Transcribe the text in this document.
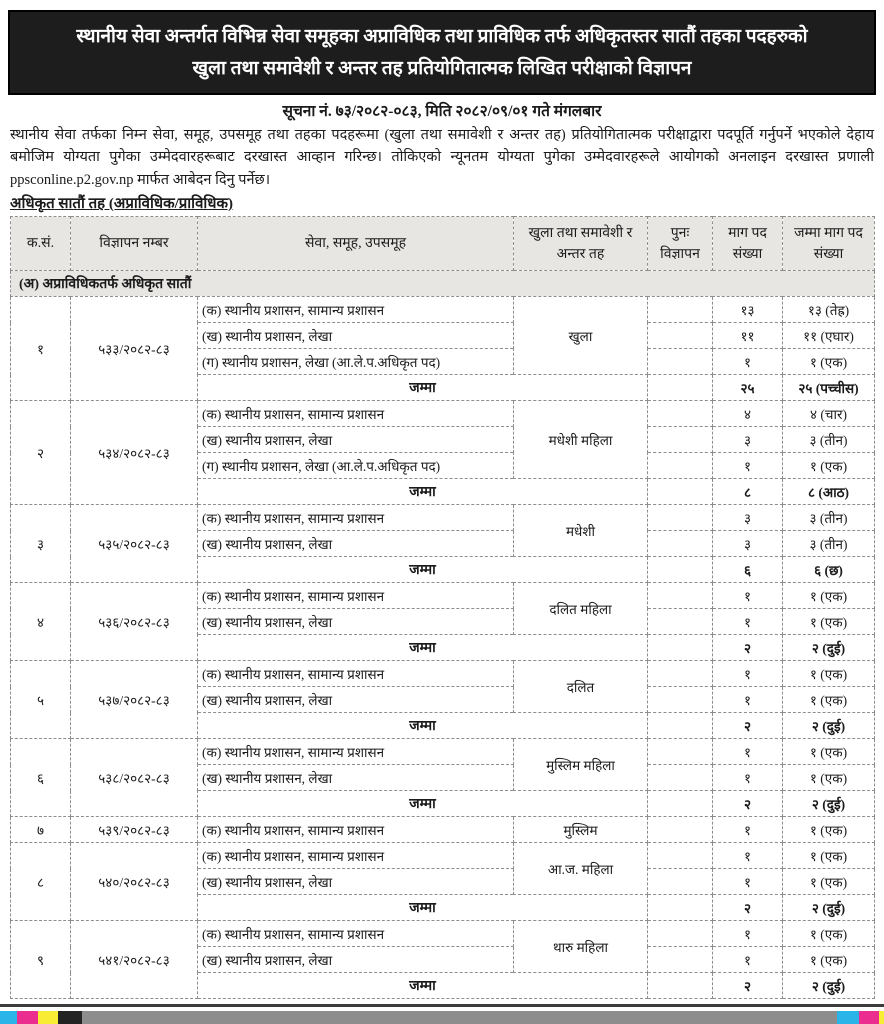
स्थानीय सेवा अन्तर्गत विभिन्न सेवा समूहका अप्राविधिक तथा प्राविधिक तर्फ अधिकृतस्तर सातौं तहका पदहरुको
खुला तथा समावेशी र अन्तर तह प्रतियोगितात्मक लिखित परीक्षाको विज्ञापन
सूचना नं. ७३/२०८२-०८३, मिति २०८२/०९/०१ गते मंगलबार

स्थानीय सेवा तर्फका निम्न सेवा, समूह, उपसमूह तथा तहका पदहरूमा (खुला तथा समावेशी र अन्तर तह) प्रतियोगितात्मक परीक्षाद्वारा पदपूर्ति गर्नुपर्ने भएकोले देहाय बमोजिम योग्यता पुगेका उम्मेदवारहरूबाट दरखास्त आव्हान गरिन्छ। तोकिएको न्यूनतम योग्यता पुगेका उम्मेदवारहरूले आयोगको अनलाइन दरखास्त प्रणाली ppsconline.p2.gov.np मार्फत आबेदन दिनु पर्नेछ।

अधिकृत सातौं तह (अप्राविधिक/प्राविधिक)
क.सं.	विज्ञापन नम्बर	सेवा, समूह, उपसमूह	खुला तथा समावेशी र अन्तर तह	पुनः विज्ञापन	माग पद संख्या	जम्मा माग पद संख्या
(अ) अप्राविधिकतर्फ अधिकृत सातौं						
१	५३३/२०८२-८३	(क) स्थानीय प्रशासन, सामान्य प्रशासन	खुला		१३	१३ (तेह्र)
		(ख) स्थानीय प्रशासन, लेखा			११	११ (एघार)
		(ग) स्थानीय प्रशासन, लेखा (आ.ले.प.अधिकृत पद)			१	१ (एक)
		जम्मा			२५	२५ (पच्चीस)
२	५३४/२०८२-८३	(क) स्थानीय प्रशासन, सामान्य प्रशासन	मधेशी महिला		४	४ (चार)
		(ख) स्थानीय प्रशासन, लेखा			३	३ (तीन)
		(ग) स्थानीय प्रशासन, लेखा (आ.ले.प.अधिकृत पद)			१	१ (एक)
		जम्मा			८	८ (आठ)
३	५३५/२०८२-८३	(क) स्थानीय प्रशासन, सामान्य प्रशासन	मधेशी		३	३ (तीन)
		(ख) स्थानीय प्रशासन, लेखा			३	३ (तीन)
		जम्मा			६	६ (छ)
४	५३६/२०८२-८३	(क) स्थानीय प्रशासन, सामान्य प्रशासन	दलित महिला		१	१ (एक)
		(ख) स्थानीय प्रशासन, लेखा			१	१ (एक)
		जम्मा			२	२ (दुई)
५	५३७/२०८२-८३	(क) स्थानीय प्रशासन, सामान्य प्रशासन	दलित		१	१ (एक)
		(ख) स्थानीय प्रशासन, लेखा			१	१ (एक)
		जम्मा			२	२ (दुई)
६	५३८/२०८२-८३	(क) स्थानीय प्रशासन, सामान्य प्रशासन	मुस्लिम महिला		१	१ (एक)
		(ख) स्थानीय प्रशासन, लेखा			१	१ (एक)
		जम्मा			२	२ (दुई)
७	५३९/२०८२-८३	(क) स्थानीय प्रशासन, सामान्य प्रशासन	मुस्लिम		१	१ (एक)
८	५४०/२०८२-८३	(क) स्थानीय प्रशासन, सामान्य प्रशासन	आ.ज. महिला		१	१ (एक)
		(ख) स्थानीय प्रशासन, लेखा			१	१ (एक)
		जम्मा			२	२ (दुई)
९	५४१/२०८२-८३	(क) स्थानीय प्रशासन, सामान्य प्रशासन	थारु महिला		१	१ (एक)
		(ख) स्थानीय प्रशासन, लेखा			१	१ (एक)
		जम्मा			२	२ (दुई)
